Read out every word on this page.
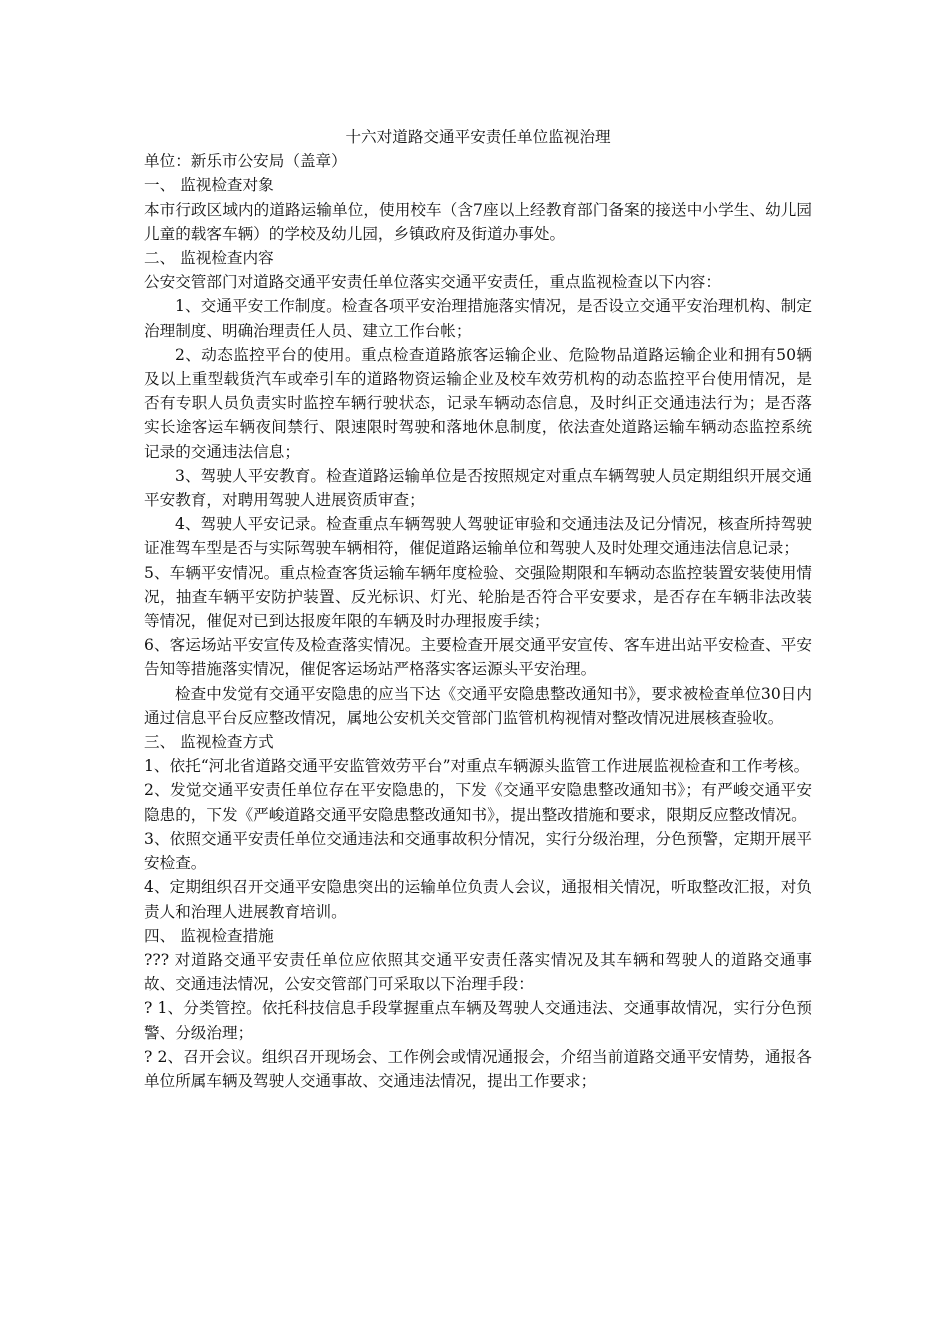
十六对道路交通平安责任单位监视治理

单位：新乐市公安局（盖章）

一、 监视检查对象

本市行政区域内的道路运输单位，使用校车（含7座以上经教育部门备案的接送中小学生、幼儿园儿童的载客车辆）的学校及幼儿园，乡镇政府及街道办事处。

二、 监视检查内容

公安交管部门对道路交通平安责任单位落实交通平安责任，重点监视检查以下内容：

1、交通平安工作制度。检查各项平安治理措施落实情况，是否设立交通平安治理机构、制定治理制度、明确治理责任人员、建立工作台帐；

2、动态监控平台的使用。重点检查道路旅客运输企业、危险物品道路运输企业和拥有50辆及以上重型载货汽车或牵引车的道路物资运输企业及校车效劳机构的动态监控平台使用情况，是否有专职人员负责实时监控车辆行驶状态，记录车辆动态信息，及时纠正交通违法行为；是否落实长途客运车辆夜间禁行、限速限时驾驶和落地休息制度，依法查处道路运输车辆动态监控系统记录的交通违法信息；

3、驾驶人平安教育。检查道路运输单位是否按照规定对重点车辆驾驶人员定期组织开展交通平安教育，对聘用驾驶人进展资质审查；

4、驾驶人平安记录。检查重点车辆驾驶人驾驶证审验和交通违法及记分情况，核查所持驾驶证准驾车型是否与实际驾驶车辆相符，催促道路运输单位和驾驶人及时处理交通违法信息记录；

5、车辆平安情况。重点检查客货运输车辆年度检验、交强险期限和车辆动态监控装置安装使用情况，抽查车辆平安防护装置、反光标识、灯光、轮胎是否符合平安要求，是否存在车辆非法改装等情况，催促对已到达报废年限的车辆及时办理报废手续；

6、客运场站平安宣传及检查落实情况。主要检查开展交通平安宣传、客车进出站平安检查、平安告知等措施落实情况，催促客运场站严格落实客运源头平安治理。

检查中发觉有交通平安隐患的应当下达《交通平安隐患整改通知书》，要求被检查单位30日内通过信息平台反应整改情况，属地公安机关交管部门监管机构视情对整改情况进展核查验收。

三、 监视检查方式

1、依托“河北省道路交通平安监管效劳平台”对重点车辆源头监管工作进展监视检查和工作考核。

2、发觉交通平安责任单位存在平安隐患的，下发《交通平安隐患整改通知书》；有严峻交通平安隐患的，下发《严峻道路交通平安隐患整改通知书》，提出整改措施和要求，限期反应整改情况。

3、依照交通平安责任单位交通违法和交通事故积分情况，实行分级治理，分色预警，定期开展平安检查。

4、定期组织召开交通平安隐患突出的运输单位负责人会议，通报相关情况，听取整改汇报，对负责人和治理人进展教育培训。

四、 监视检查措施

??? 对道路交通平安责任单位应依照其交通平安责任落实情况及其车辆和驾驶人的道路交通事故、交通违法情况，公安交管部门可采取以下治理手段：

? 1、分类管控。依托科技信息手段掌握重点车辆及驾驶人交通违法、交通事故情况，实行分色预警、分级治理；

? 2、召开会议。组织召开现场会、工作例会或情况通报会，介绍当前道路交通平安情势，通报各单位所属车辆及驾驶人交通事故、交通违法情况，提出工作要求；
